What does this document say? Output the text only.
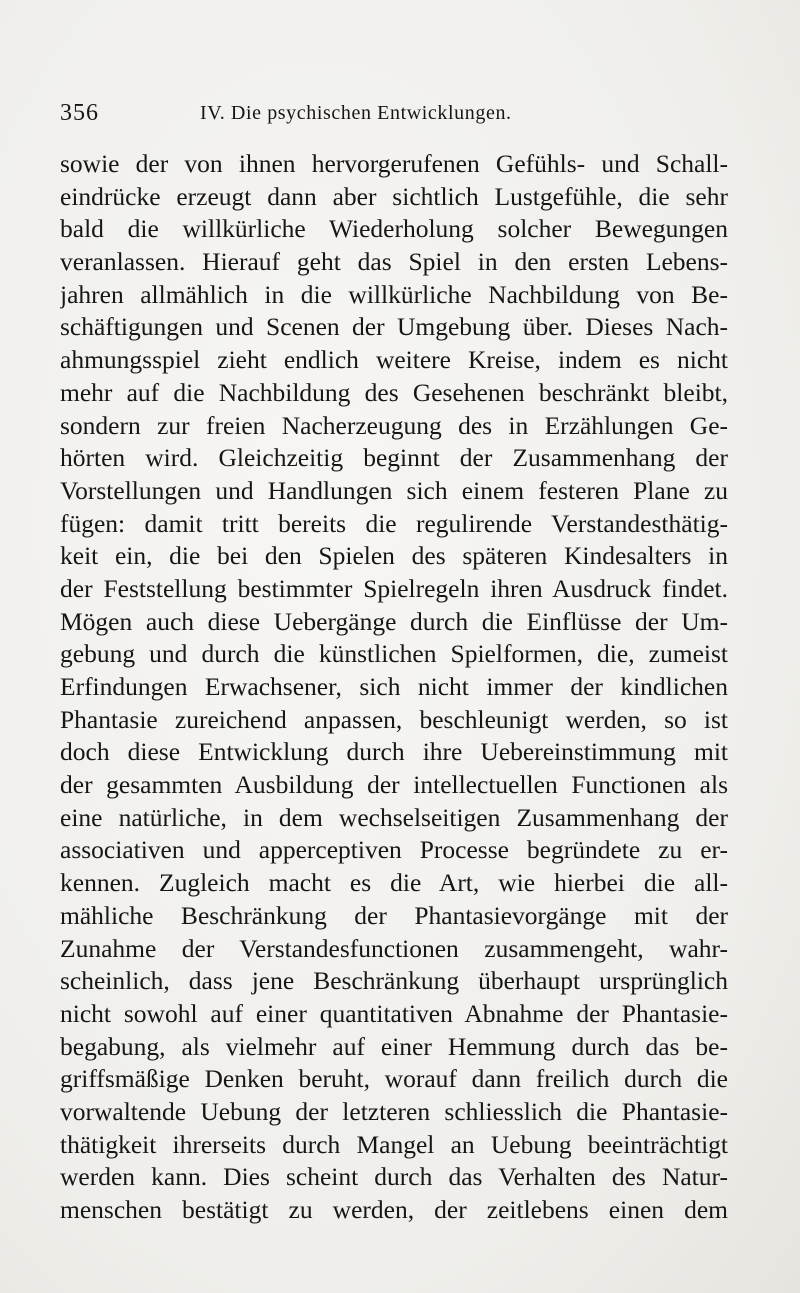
356	IV. Die psychischen Entwicklungen.
sowie der von ihnen hervorgerufenen Gefühls- und Schall-
eindrücke erzeugt dann aber sichtlich Lustgefühle, die sehr
bald die willkürliche Wiederholung solcher Bewegungen
veranlassen. Hierauf geht das Spiel in den ersten Lebens-
jahren allmählich in die willkürliche Nachbildung von Be-
schäftigungen und Scenen der Umgebung über. Dieses Nach-
ahmungsspiel zieht endlich weitere Kreise, indem es nicht
mehr auf die Nachbildung des Gesehenen beschränkt bleibt,
sondern zur freien Nacherzeugung des in Erzählungen Ge-
hörten wird. Gleichzeitig beginnt der Zusammenhang der
Vorstellungen und Handlungen sich einem festeren Plane zu
fügen: damit tritt bereits die regulirende Verstandesthätig-
keit ein, die bei den Spielen des späteren Kindesalters in
der Feststellung bestimmter Spielregeln ihren Ausdruck findet.
Mögen auch diese Uebergänge durch die Einflüsse der Um-
gebung und durch die künstlichen Spielformen, die, zumeist
Erfindungen Erwachsener, sich nicht immer der kindlichen
Phantasie zureichend anpassen, beschleunigt werden, so ist
doch diese Entwicklung durch ihre Uebereinstimmung mit
der gesammten Ausbildung der intellectuellen Functionen als
eine natürliche, in dem wechselseitigen Zusammenhang der
associativen und apperceptiven Processe begründete zu er-
kennen. Zugleich macht es die Art, wie hierbei die all-
mähliche Beschränkung der Phantasievorgänge mit der
Zunahme der Verstandesfunctionen zusammengeht, wahr-
scheinlich, dass jene Beschränkung überhaupt ursprünglich
nicht sowohl auf einer quantitativen Abnahme der Phantasie-
begabung, als vielmehr auf einer Hemmung durch das be-
griffsmäßige Denken beruht, worauf dann freilich durch die
vorwaltende Uebung der letzteren schliesslich die Phantasie-
thätigkeit ihrerseits durch Mangel an Uebung beeinträchtigt
werden kann. Dies scheint durch das Verhalten des Natur-
menschen bestätigt zu werden, der zeitlebens einen dem
